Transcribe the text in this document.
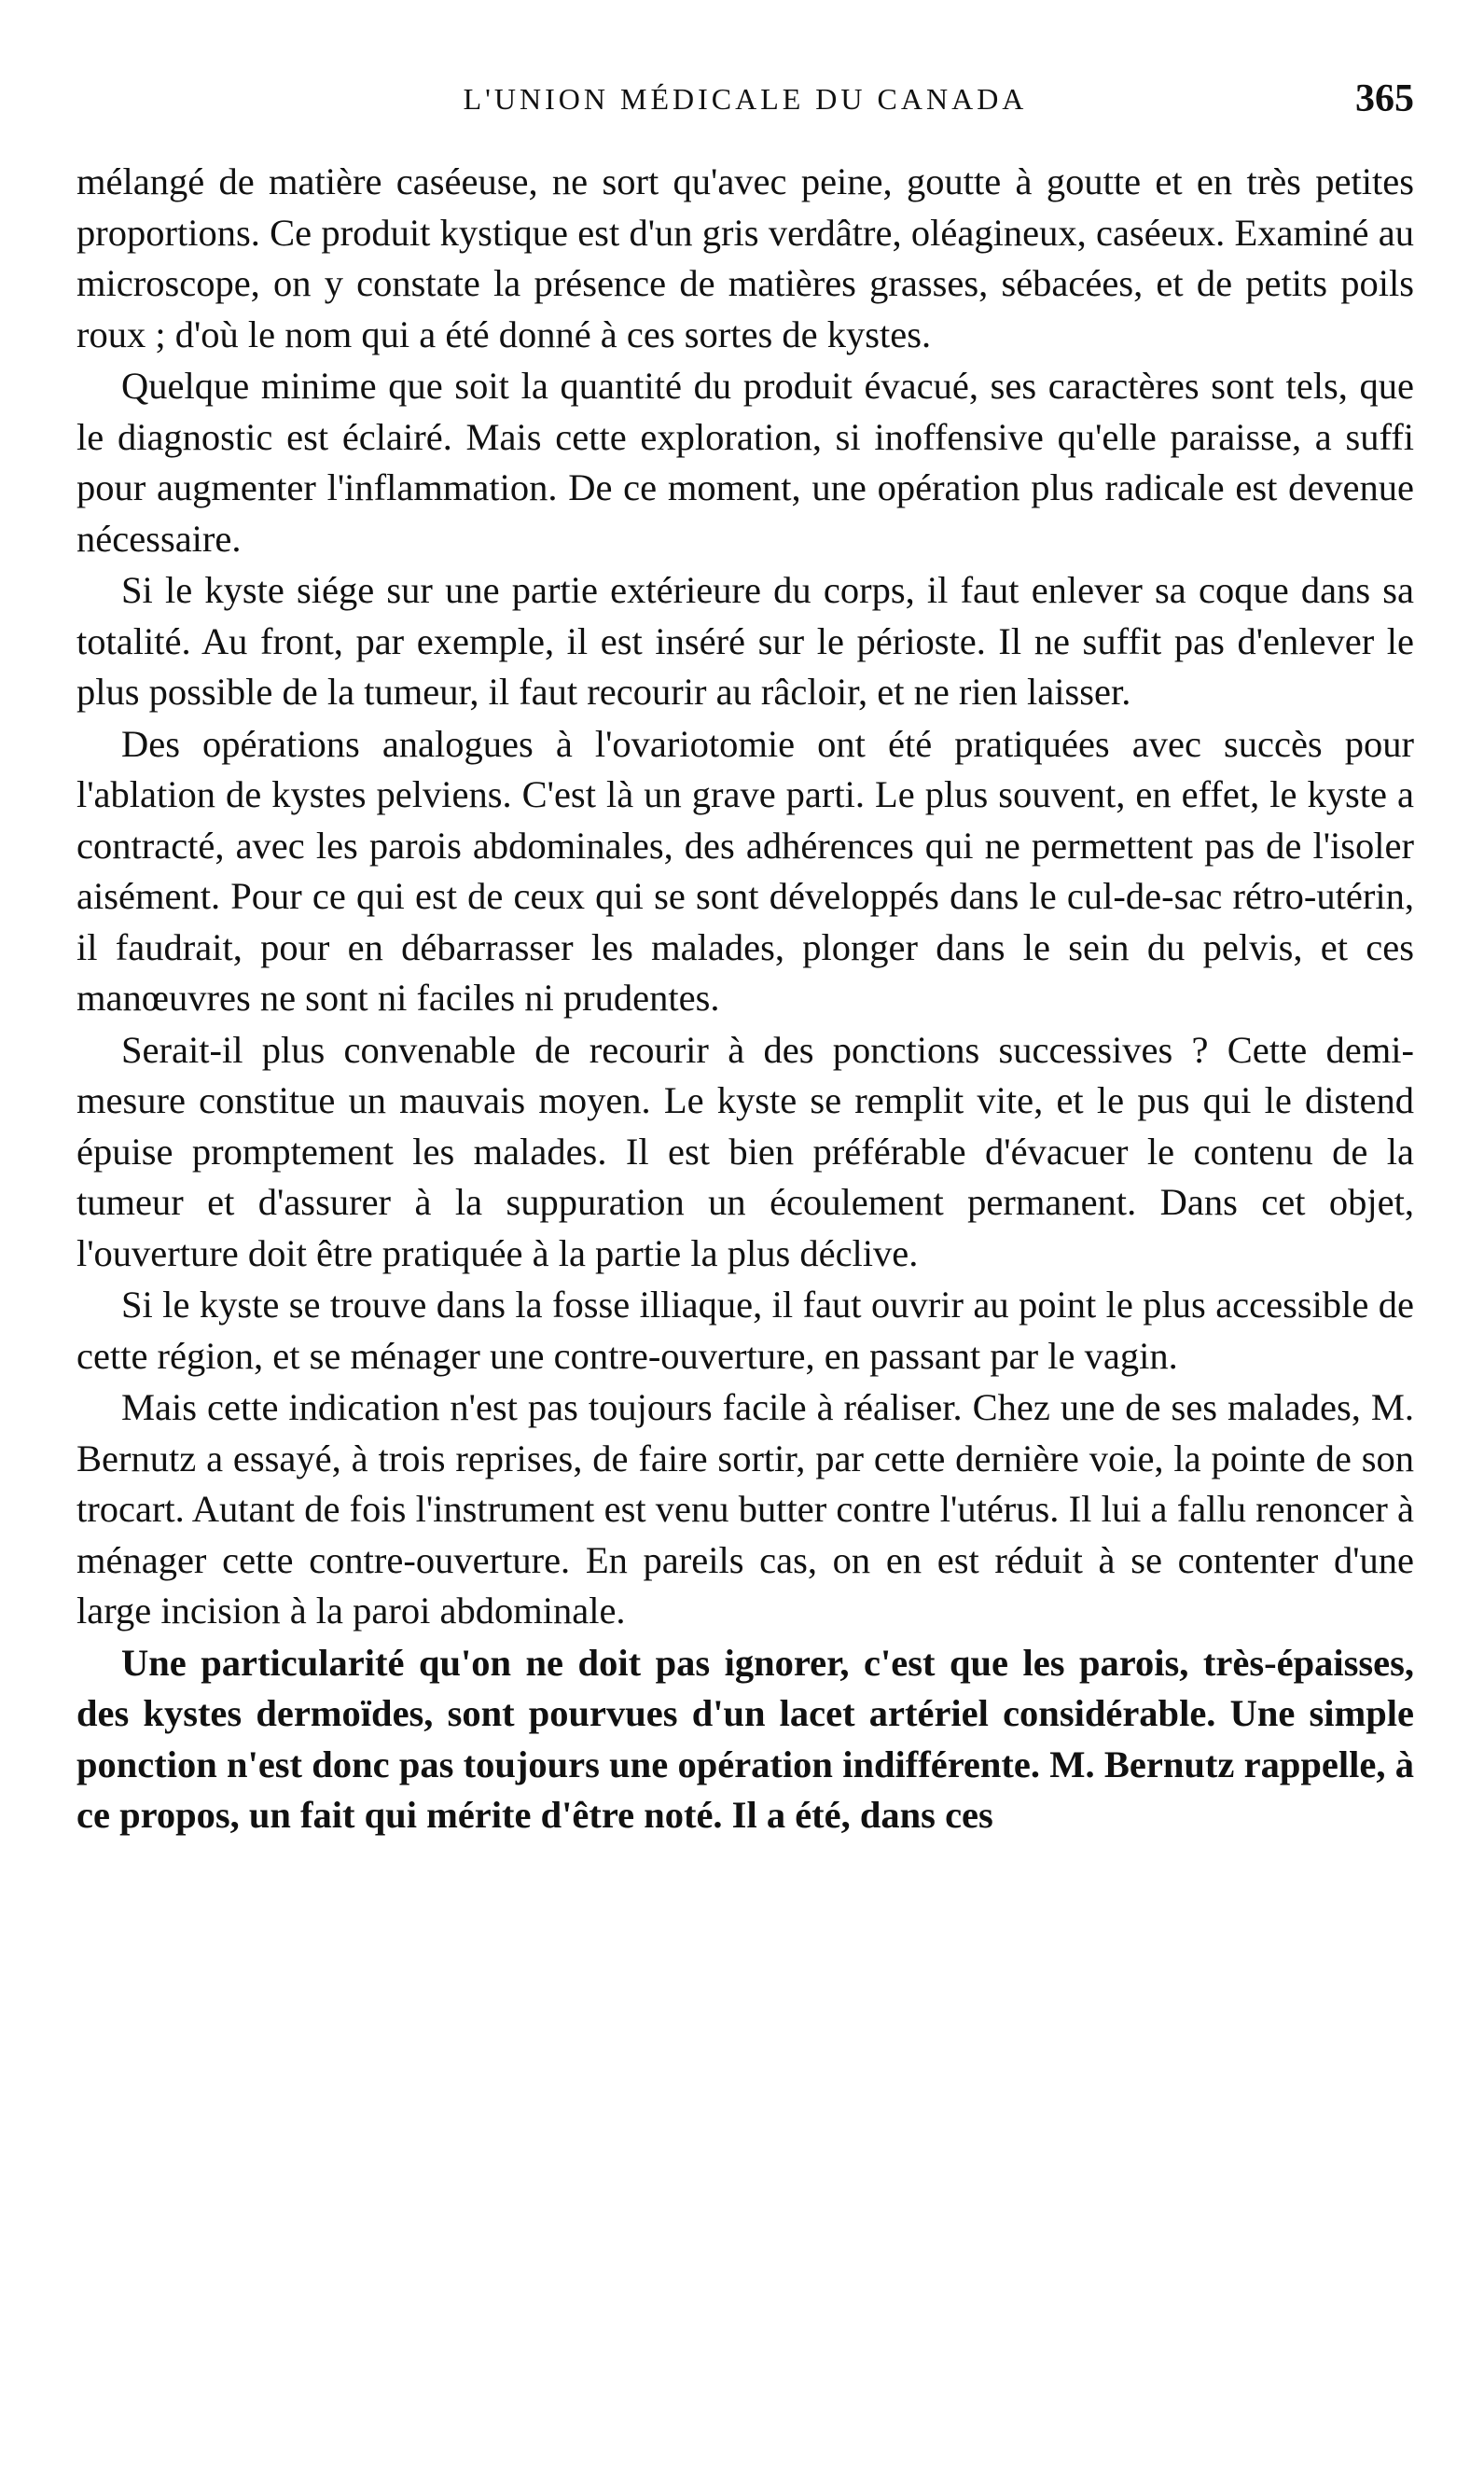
L'UNION MÉDICALE DU CANADA	365

mélangé de matière caséeuse, ne sort qu'avec peine, goutte à goutte et en très petites proportions. Ce produit kystique est d'un gris verdâtre, oléagineux, caséeux. Examiné au microscope, on y constate la présence de matières grasses, sébacées, et de petits poils roux ; d'où le nom qui a été donné à ces sortes de kystes.

Quelque minime que soit la quantité du produit évacué, ses caractères sont tels, que le diagnostic est éclairé. Mais cette exploration, si inoffensive qu'elle paraisse, a suffi pour augmenter l'inflammation. De ce moment, une opération plus radicale est devenue nécessaire.

Si le kyste siége sur une partie extérieure du corps, il faut enlever sa coque dans sa totalité. Au front, par exemple, il est inséré sur le périoste. Il ne suffit pas d'enlever le plus possible de la tumeur, il faut recourir au râcloir, et ne rien laisser.

Des opérations analogues à l'ovariotomie ont été pratiquées avec succès pour l'ablation de kystes pelviens. C'est là un grave parti. Le plus souvent, en effet, le kyste a contracté, avec les parois abdominales, des adhérences qui ne permettent pas de l'isoler aisément. Pour ce qui est de ceux qui se sont développés dans le cul-de-sac rétro-utérin, il faudrait, pour en débarrasser les malades, plonger dans le sein du pelvis, et ces manœuvres ne sont ni faciles ni prudentes.

Serait-il plus convenable de recourir à des ponctions successives ? Cette demi-mesure constitue un mauvais moyen. Le kyste se remplit vite, et le pus qui le distend épuise promptement les malades. Il est bien préférable d'évacuer le contenu de la tumeur et d'assurer à la suppuration un écoulement permanent. Dans cet objet, l'ouverture doit être pratiquée à la partie la plus déclive.

Si le kyste se trouve dans la fosse illiaque, il faut ouvrir au point le plus accessible de cette région, et se ménager une contre-ouverture, en passant par le vagin.

Mais cette indication n'est pas toujours facile à réaliser. Chez une de ses malades, M. Bernutz a essayé, à trois reprises, de faire sortir, par cette dernière voie, la pointe de son trocart. Autant de fois l'instrument est venu butter contre l'utérus. Il lui a fallu renoncer à ménager cette contre-ouverture. En pareils cas, on en est réduit à se contenter d'une large incision à la paroi abdominale.

Une particularité qu'on ne doit pas ignorer, c'est que les parois, très-épaisses, des kystes dermoïdes, sont pourvues d'un lacet artériel considérable. Une simple ponction n'est donc pas toujours une opération indifférente. M. Bernutz rappelle, à ce propos, un fait qui mérite d'être noté. Il a été, dans ces
